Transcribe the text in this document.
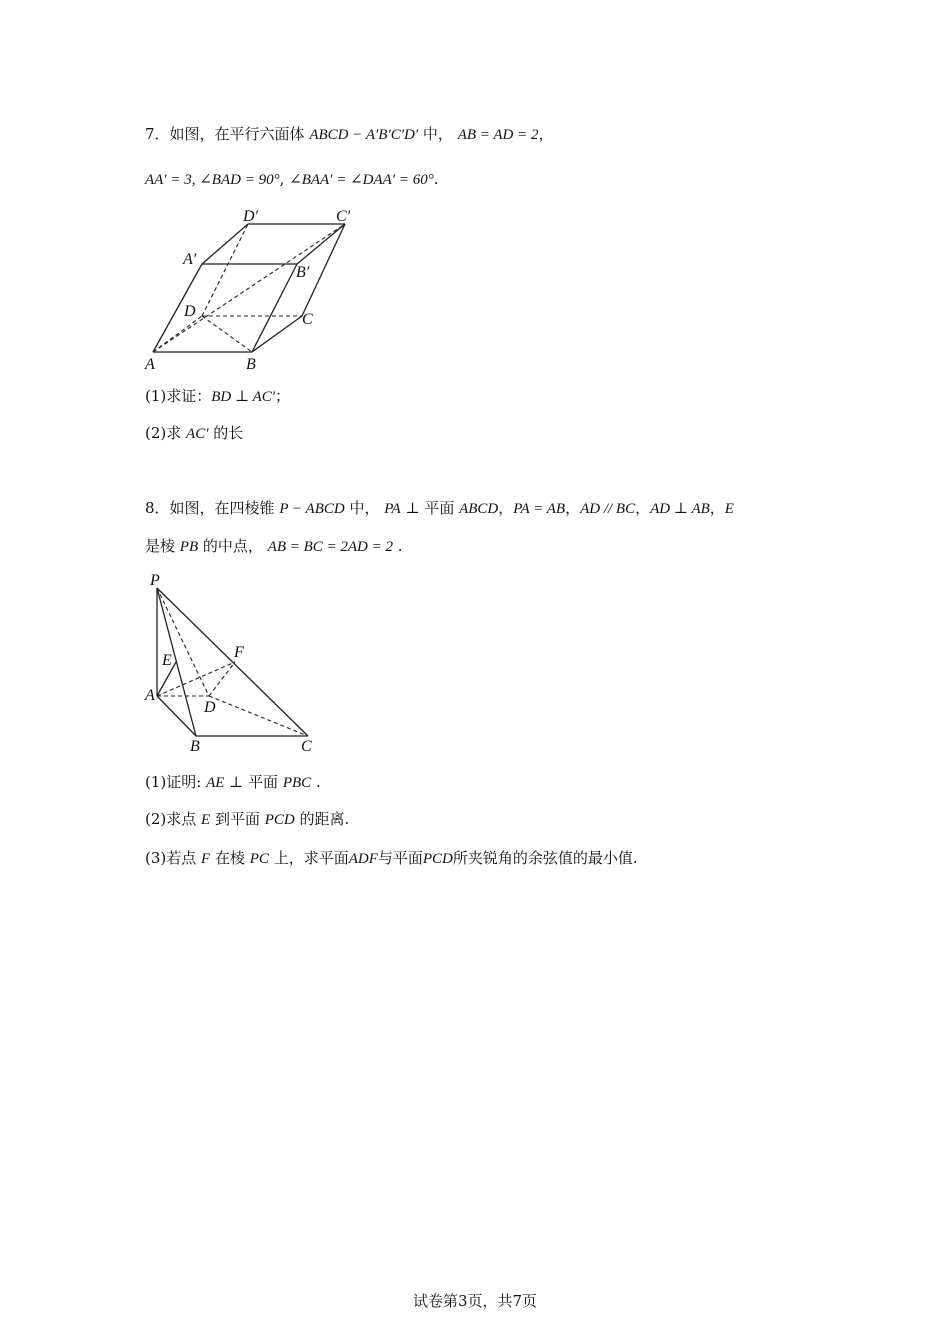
7．如图，在平行六面体 ABCD − A′B′C′D′ 中， AB = AD = 2，
AA′ = 3, ∠BAD = 90°, ∠BAA′ = ∠DAA′ = 60°.
A	B
C
D
A′
B′
C′
D′
(1)求证：BD ⊥ AC′；
(2)求 AC′ 的长
8．如图，在四棱锥 P − ABCD 中， PA ⊥ 平面 ABCD，PA = AB，AD // BC，AD ⊥ AB，E
是棱 PB 的中点， AB = BC = 2AD = 2 .
P
E	F
A
D
B	C
(1)证明: AE ⊥ 平面 PBC .
(2)求点 E 到平面 PCD 的距离.
(3)若点 F 在棱 PC 上，求平面ADF与平面PCD所夹锐角的余弦值的最小值.
试卷第3页，共7页
